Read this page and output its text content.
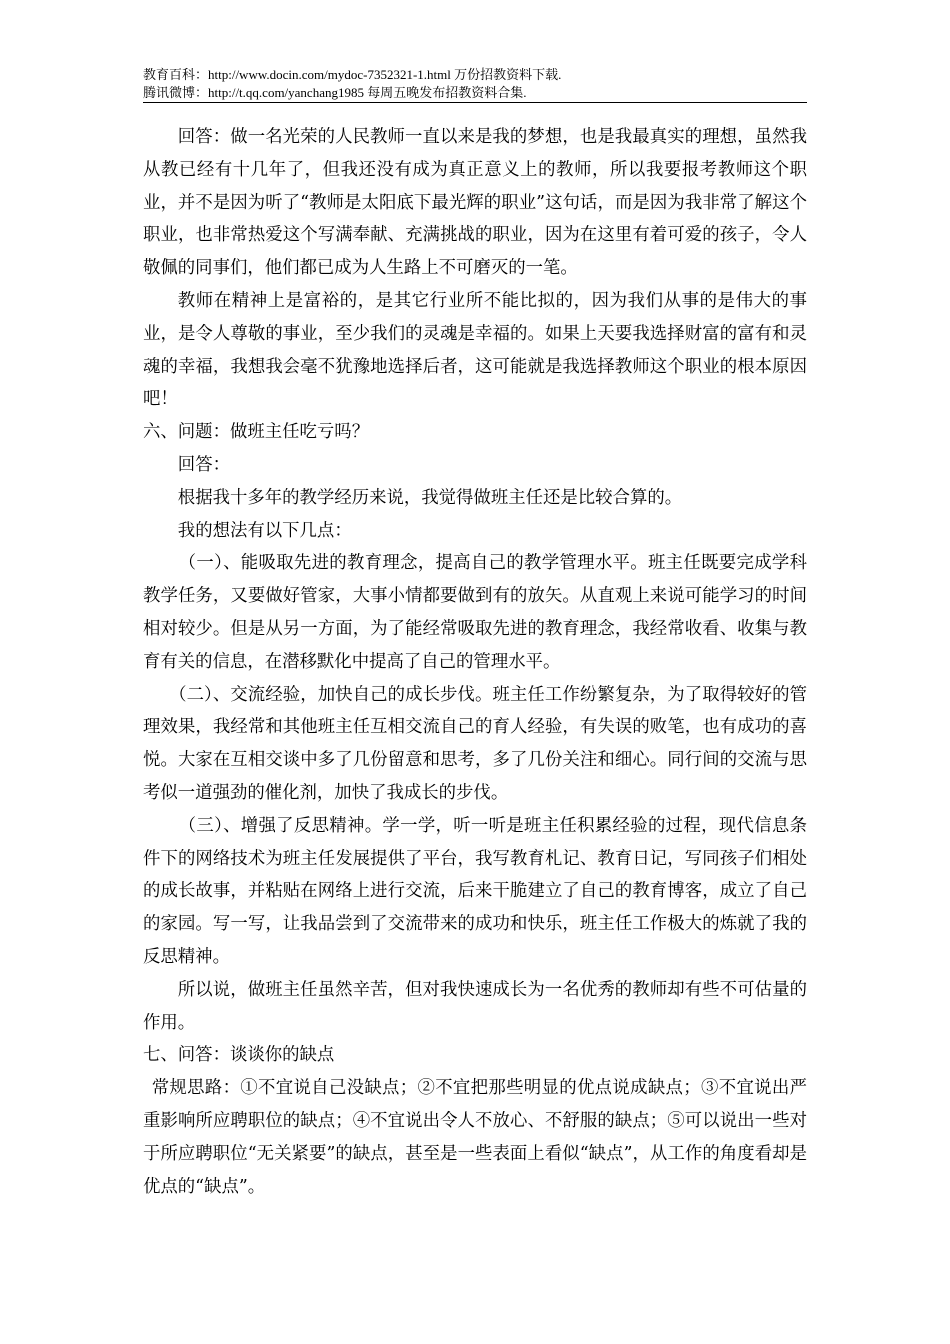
教育百科：http://www.docin.com/mydoc-7352321-1.html 万份招教资料下载.
腾讯微博：http://t.qq.com/yanchang1985 每周五晚发布招教资料合集.

回答：做一名光荣的人民教师一直以来是我的梦想，也是我最真实的理想，虽然我从教已经有十几年了，但我还没有成为真正意义上的教师，所以我要报考教师这个职业，并不是因为听了“教师是太阳底下最光辉的职业”这句话，而是因为我非常了解这个职业，也非常热爱这个写满奉献、充满挑战的职业，因为在这里有着可爱的孩子，令人敬佩的同事们，他们都已成为人生路上不可磨灭的一笔。

教师在精神上是富裕的，是其它行业所不能比拟的，因为我们从事的是伟大的事业，是令人尊敬的事业，至少我们的灵魂是幸福的。如果上天要我选择财富的富有和灵魂的幸福，我想我会毫不犹豫地选择后者，这可能就是我选择教师这个职业的根本原因吧！

六、问题：做班主任吃亏吗？

回答：

根据我十多年的教学经历来说，我觉得做班主任还是比较合算的。

我的想法有以下几点：

（一）、能吸取先进的教育理念，提高自己的教学管理水平。班主任既要完成学科教学任务，又要做好管家，大事小情都要做到有的放矢。从直观上来说可能学习的时间相对较少。但是从另一方面，为了能经常吸取先进的教育理念，我经常收看、收集与教育有关的信息，在潜移默化中提高了自己的管理水平。

（二）、交流经验，加快自己的成长步伐。班主任工作纷繁复杂，为了取得较好的管理效果，我经常和其他班主任互相交流自己的育人经验，有失误的败笔，也有成功的喜悦。大家在互相交谈中多了几份留意和思考，多了几份关注和细心。同行间的交流与思考似一道强劲的催化剂，加快了我成长的步伐。

（三）、增强了反思精神。学一学，听一听是班主任积累经验的过程，现代信息条件下的网络技术为班主任发展提供了平台，我写教育札记、教育日记，写同孩子们相处的成长故事，并粘贴在网络上进行交流，后来干脆建立了自己的教育博客，成立了自己的家园。写一写，让我品尝到了交流带来的成功和快乐，班主任工作极大的炼就了我的反思精神。

所以说，做班主任虽然辛苦，但对我快速成长为一名优秀的教师却有些不可估量的作用。

七、问答：谈谈你的缺点

常规思路：①不宜说自己没缺点；②不宜把那些明显的优点说成缺点；③不宜说出严重影响所应聘职位的缺点；④不宜说出令人不放心、不舒服的缺点；⑤可以说出一些对于所应聘职位“无关紧要”的缺点，甚至是一些表面上看似“缺点”，从工作的角度看却是优点的“缺点”。
